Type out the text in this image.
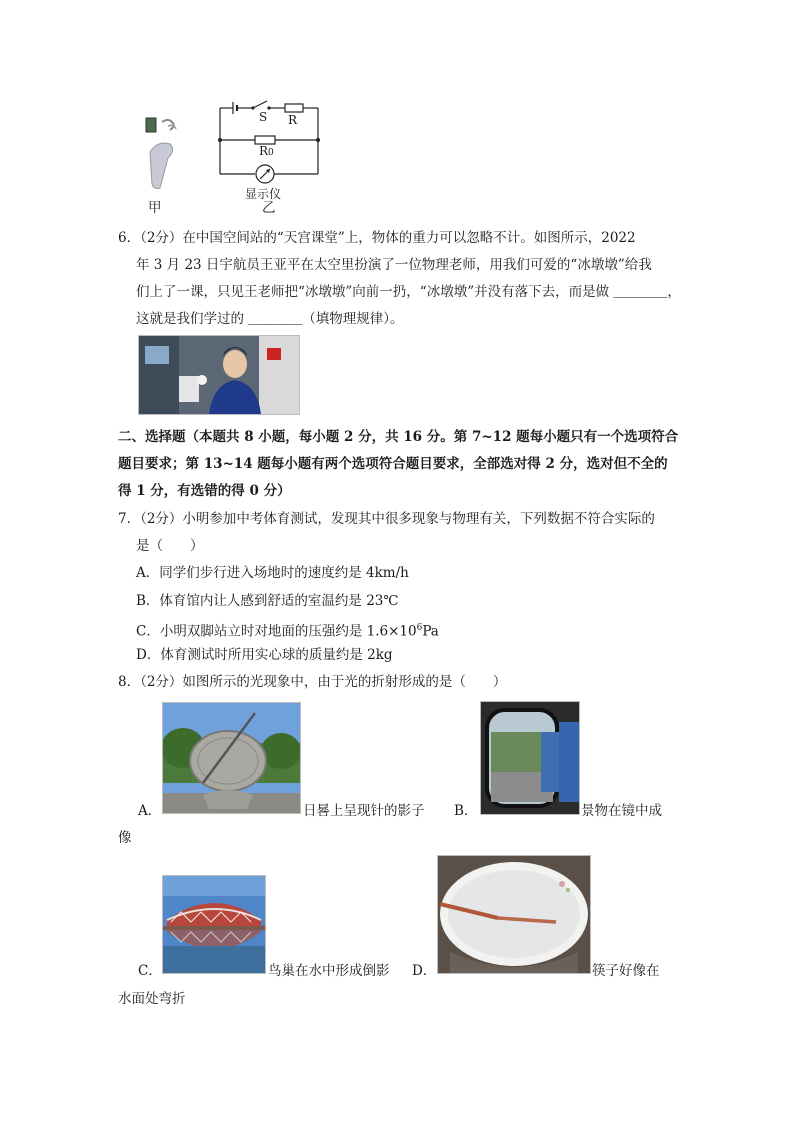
甲
S R
R0
显示仪
乙
6．（2分）在中国空间站的“天宫课堂”上，物体的重力可以忽略不计。如图所示，2022
年 3 月 23 日宇航员王亚平在太空里扮演了一位物理老师，用我们可爱的“冰墩墩”给我
们上了一课，只见王老师把“冰墩墩”向前一扔，“冰墩墩”并没有落下去，而是做 ＿＿＿＿，
这就是我们学过的 ＿＿＿＿（填物理规律）。
二、选择题（本题共 8 小题，每小题 2 分，共 16 分。第 7~12 题每小题只有一个选项符合
题目要求；第 13~14 题每小题有两个选项符合题目要求，全部选对得 2 分，选对但不全的
得 1 分，有选错的得 0 分）
7．（2分）小明参加中考体育测试，发现其中很多现象与物理有关，下列数据不符合实际的
是（　　）
A．同学们步行进入场地时的速度约是 4km/h
B．体育馆内让人感到舒适的室温约是 23℃
C．小明双脚站立时对地面的压强约是 $1.6\times 10^6Pa$
D．体育测试时所用实心球的质量约是 2kg
8．（2分）如图所示的光现象中，由于光的折射形成的是（　　）
A．	日晷上呈现针的影子 B．	景物在镜中成
像
C．	鸟巢在水中形成倒影 D．	筷子好像在
水面处弯折
